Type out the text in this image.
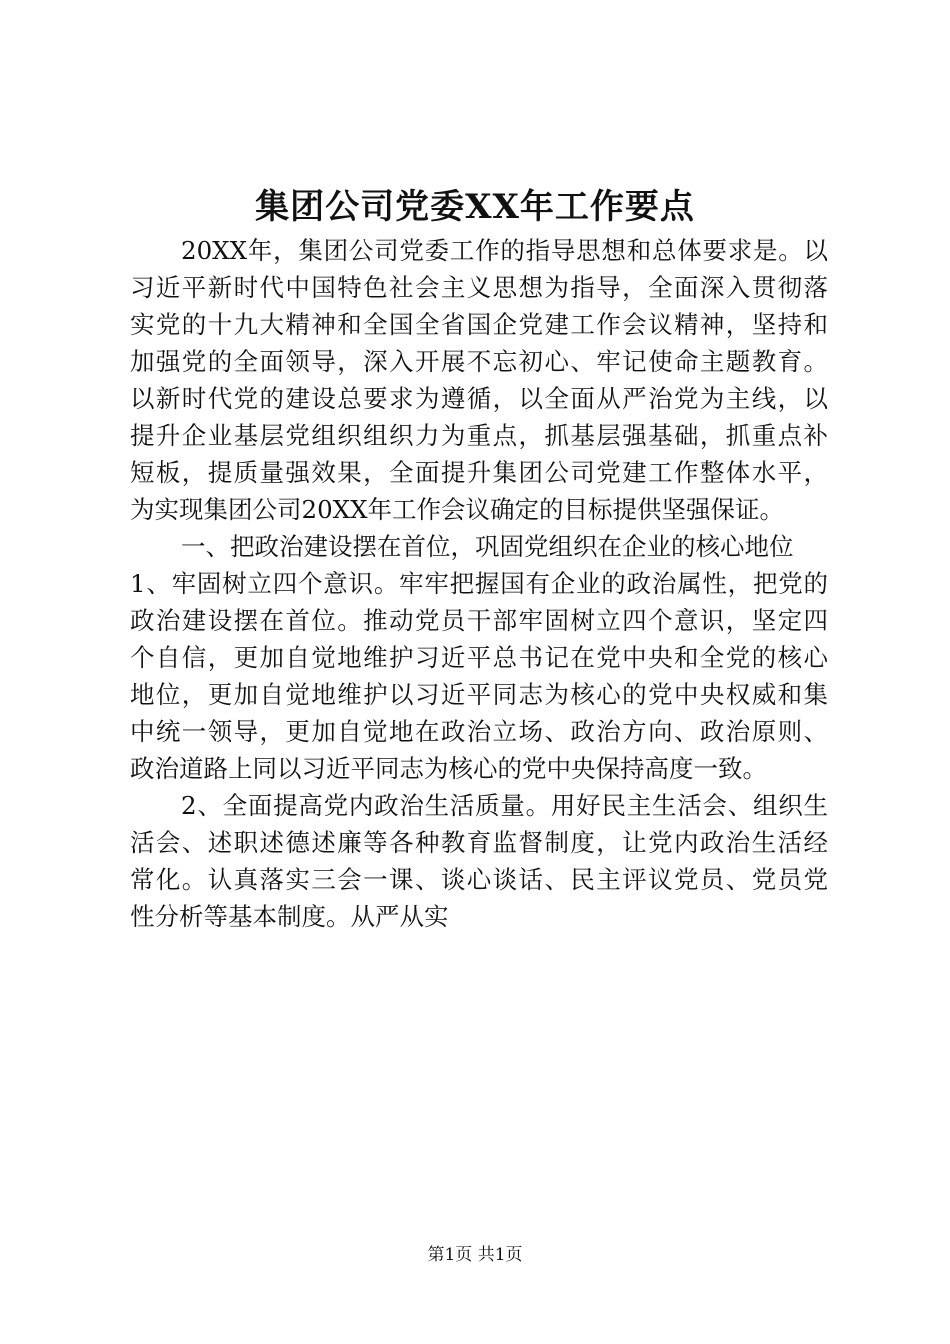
集团公司党委XX年工作要点
20XX年，集团公司党委工作的指导思想和总体要求是。以
习近平新时代中国特色社会主义思想为指导，全面深入贯彻落
实党的十九大精神和全国全省国企党建工作会议精神，坚持和
加强党的全面领导，深入开展不忘初心、牢记使命主题教育。
以新时代党的建设总要求为遵循，以全面从严治党为主线，以
提升企业基层党组织组织力为重点，抓基层强基础，抓重点补
短板，提质量强效果，全面提升集团公司党建工作整体水平，
为实现集团公司20XX年工作会议确定的目标提供坚强保证。
一、把政治建设摆在首位，巩固党组织在企业的核心地位
1、牢固树立四个意识。牢牢把握国有企业的政治属性，把党的
政治建设摆在首位。推动党员干部牢固树立四个意识，坚定四
个自信，更加自觉地维护习近平总书记在党中央和全党的核心
地位，更加自觉地维护以习近平同志为核心的党中央权威和集
中统一领导，更加自觉地在政治立场、政治方向、政治原则、
政治道路上同以习近平同志为核心的党中央保持高度一致。
2、全面提高党内政治生活质量。用好民主生活会、组织生
活会、述职述德述廉等各种教育监督制度，让党内政治生活经
常化。认真落实三会一课、谈心谈话、民主评议党员、党员党
性分析等基本制度。从严从实
第1页 共1页
